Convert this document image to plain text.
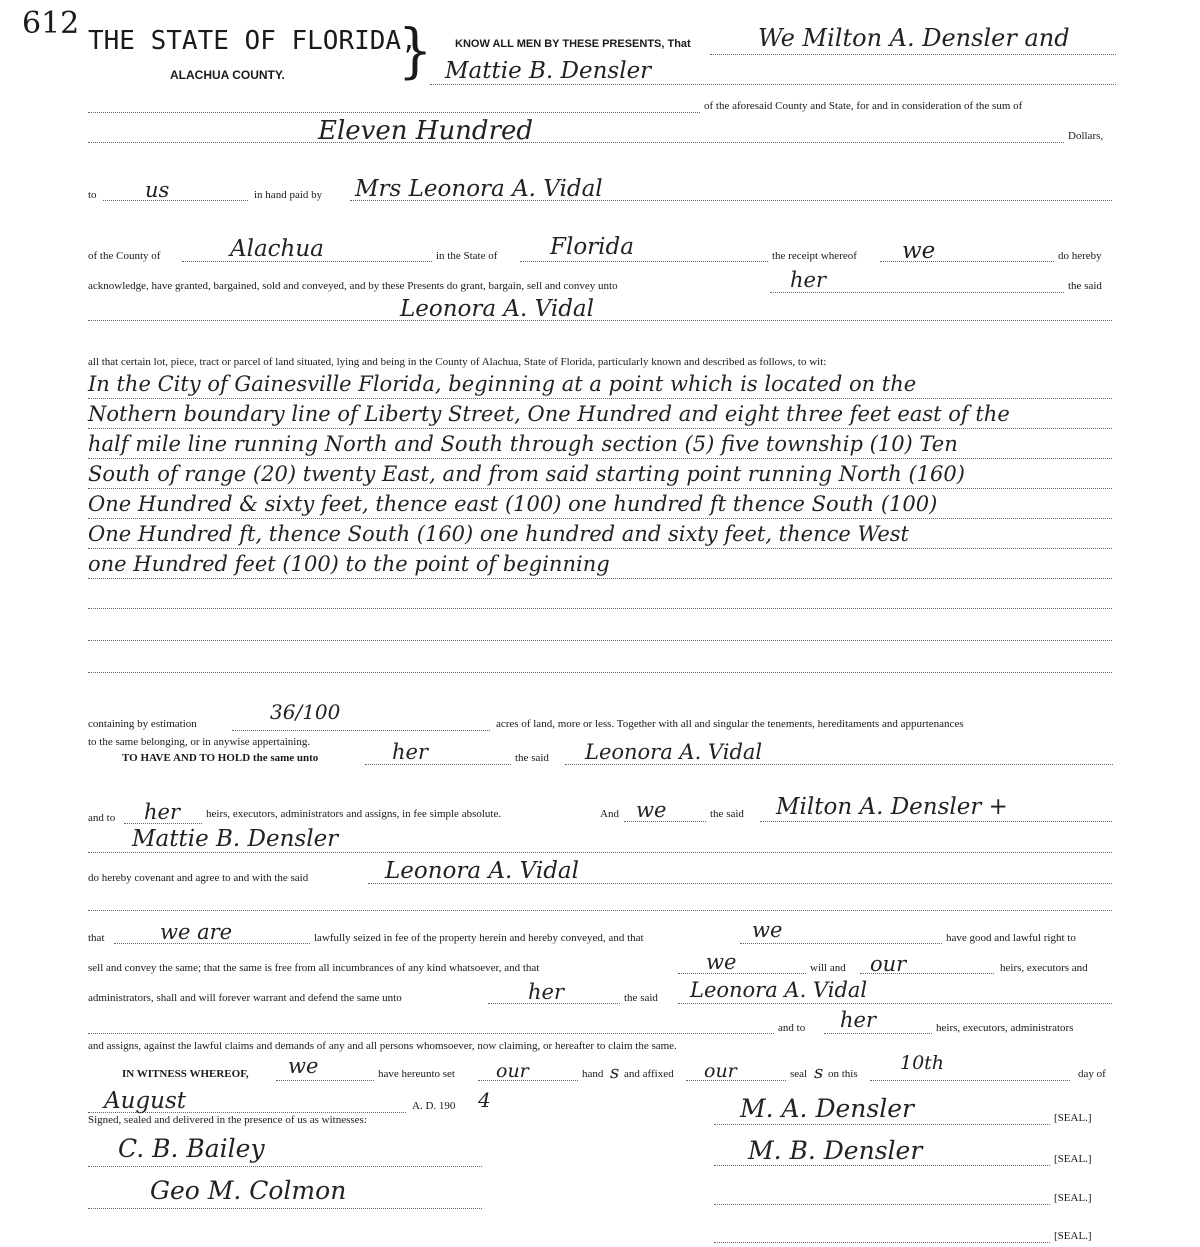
612 THE STATE OF FLORIDA,
}
ALACHUA COUNTY.
KNOW ALL MEN BY THESE PRESENTS, That	We Milton A. Densler and
Mattie B. Densler
of the aforesaid County and State, for and in consideration of the sum of
Eleven Hundred	Dollars,
to us	in hand paid by Mrs Leonora A. Vidal
of the County of	Alachua	in the State of Florida	the receipt whereof we	do hereby
acknowledge, have granted, bargained, sold and conveyed, and by these Presents do grant, bargain, sell and convey unto	her	the said
Leonora A. Vidal
all that certain lot, piece, tract or parcel of land situated, lying and being in the County of Alachua, State of Florida, particularly known and described as follows, to wit:
In the City of Gainesville Florida, beginning at a point which is located on the
Nothern boundary line of Liberty Street, One Hundred and eight three feet east of the
half mile line running North and South through section (5) five township (10) Ten
South of range (20) twenty East, and from said starting point running North (160)
One Hundred & sixty feet, thence east (100) one hundred ft thence South (100)
One Hundred ft, thence South (160) one hundred and sixty feet, thence West
one Hundred feet (100) to the point of beginning
containing by estimation	36/100	acres of land, more or less. Together with all and singular the tenements, hereditaments and appurtenances
to the same belonging, or in anywise appertaining.
TO HAVE AND TO HOLD the same unto	her	the said Leonora A. Vidal
and to her heirs, executors, administrators and assigns, in fee simple absolute.	And we	the said Milton A. Densler +
Mattie B. Densler
do hereby covenant and agree to and with the said	Leonora A. Vidal
that	we are	lawfully seized in fee of the property herein and hereby conveyed, and that	we	have good and lawful right to
sell and convey the same; that the same is free from all incumbrances of any kind whatsoever, and that	we	will and our	heirs, executors and
administrators, shall and will forever warrant and defend the same unto	her	the said Leonora A. Vidal
and to her	heirs, executors, administrators
and assigns, against the lawful claims and demands of any and all persons whomsoever, now claiming, or hereafter to claim the same.
IN WITNESS WHEREOF, we	have hereunto set our	hand s and affixed our	seal s on this 10th	day of
August	A. D. 190 4
Signed, sealed and delivered in the presence of us as witnesses:
C. B. Bailey
Geo M. Colmon
M. A. Densler	[SEAL.]
M. B. Densler	[SEAL.]
[SEAL.]
[SEAL.]
